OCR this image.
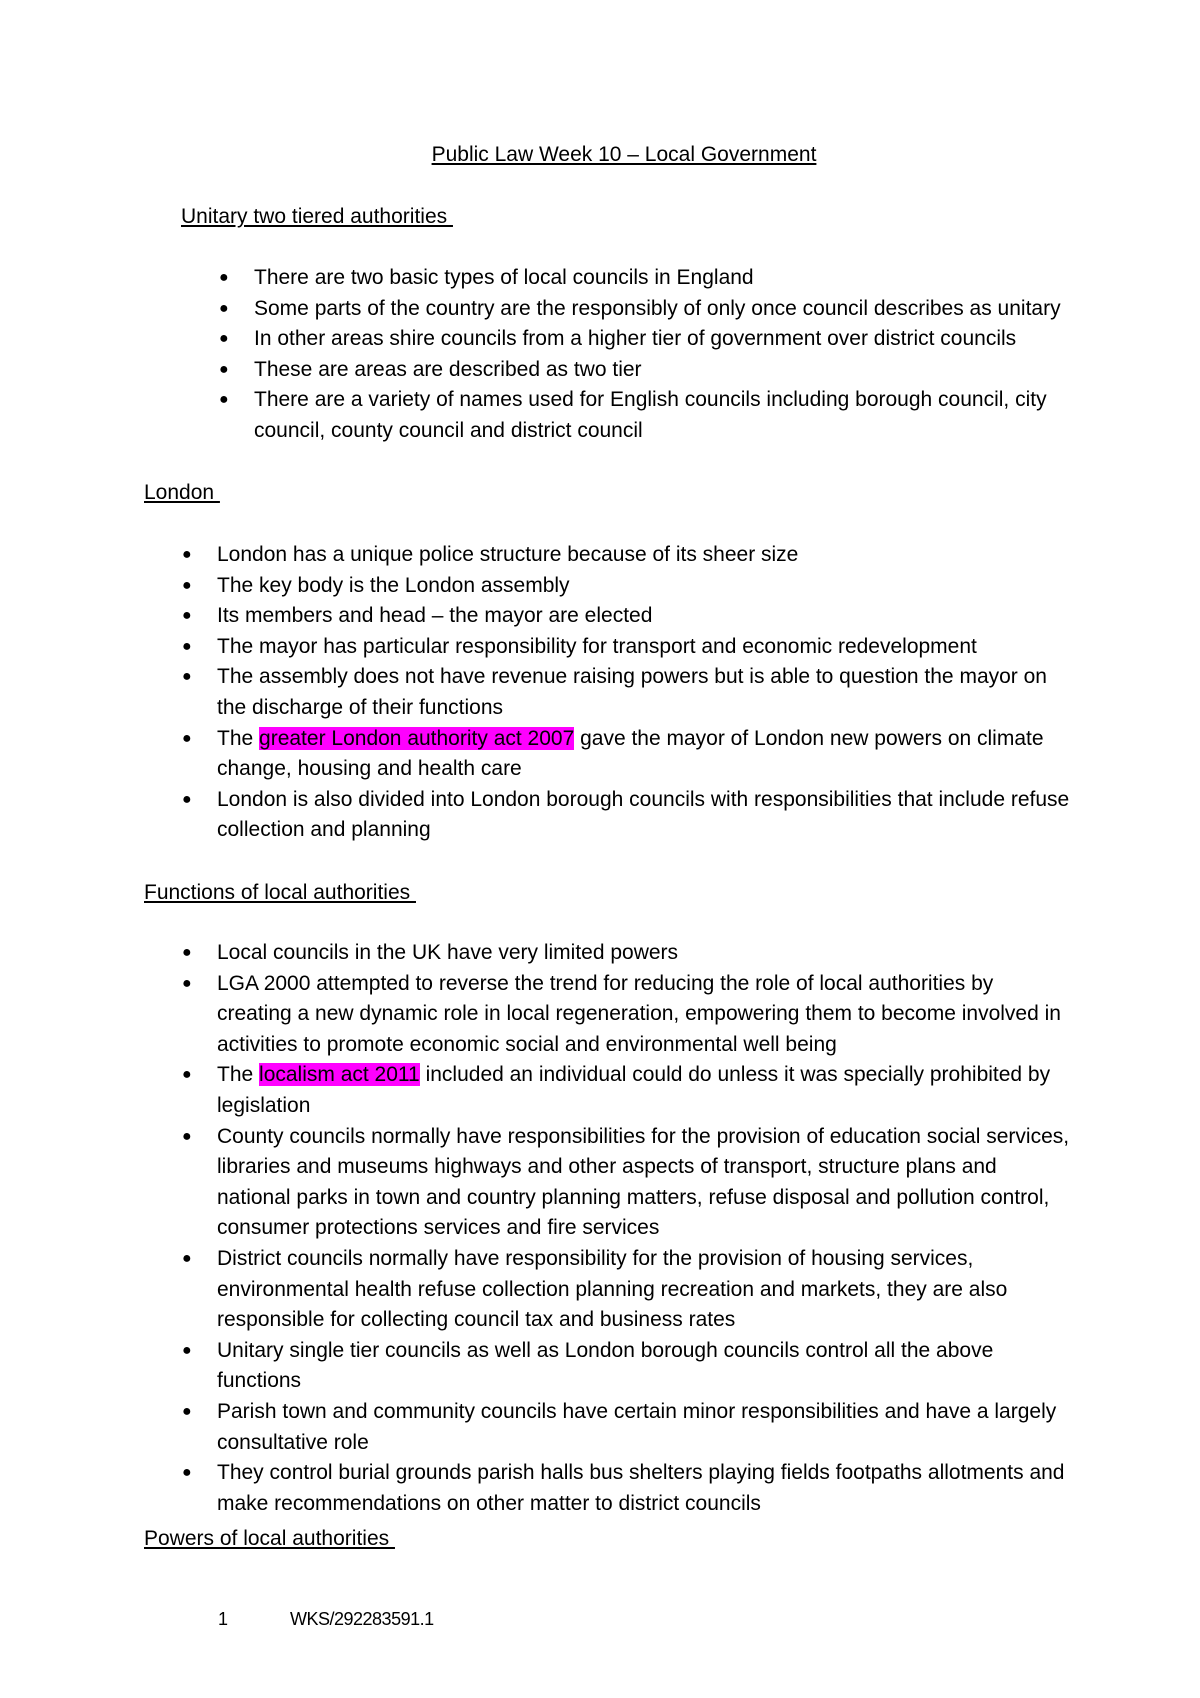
Public Law Week 10 – Local Government
Unitary two tiered authorities
● There are two basic types of local councils in England
● Some parts of the country are the responsibly of only once council describes as unitary
● In other areas shire councils from a higher tier of government over district councils
● These are areas are described as two tier
● There are a variety of names used for English councils including borough council, city council, county council and district council
London
● London has a unique police structure because of its sheer size
● The key body is the London assembly
● Its members and head – the mayor are elected
● The mayor has particular responsibility for transport and economic redevelopment
● The assembly does not have revenue raising powers but is able to question the mayor on the discharge of their functions
● The greater London authority act 2007 gave the mayor of London new powers on climate change, housing and health care
● London is also divided into London borough councils with responsibilities that include refuse collection and planning
Functions of local authorities
● Local councils in the UK have very limited powers
● LGA 2000 attempted to reverse the trend for reducing the role of local authorities by creating a new dynamic role in local regeneration, empowering them to become involved in activities to promote economic social and environmental well being
● The localism act 2011 included an individual could do unless it was specially prohibited by legislation
● County councils normally have responsibilities for the provision of education social services, libraries and museums highways and other aspects of transport, structure plans and national parks in town and country planning matters, refuse disposal and pollution control, consumer protections services and fire services
● District councils normally have responsibility for the provision of housing services, environmental health refuse collection planning recreation and markets, they are also responsible for collecting council tax and business rates
● Unitary single tier councils as well as London borough councils control all the above functions
● Parish town and community councils have certain minor responsibilities and have a largely consultative role
● They control burial grounds parish halls bus shelters playing fields footpaths allotments and make recommendations on other matter to district councils
Powers of local authorities
1	WKS/292283591.1
